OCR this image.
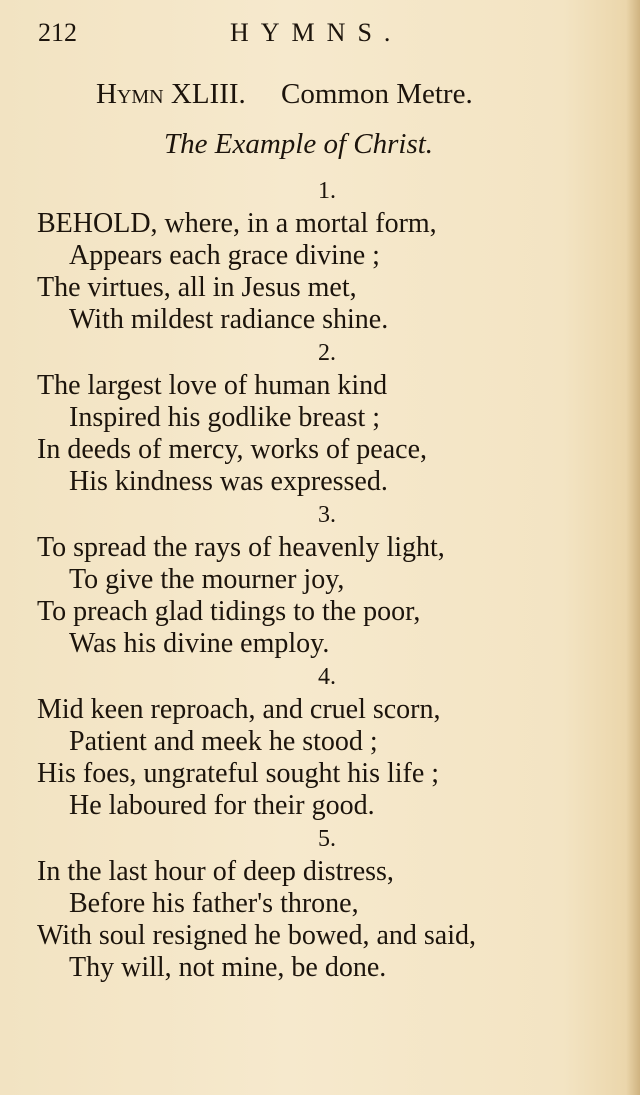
212	HYMNS.
Hymn XLIII. Common Metre.
The Example of Christ.
1.
BEHOLD, where, in a mortal form,
Appears each grace divine ;
The virtues, all in Jesus met,
With mildest radiance shine.
2.
The largest love of human kind
Inspired his godlike breast ;
In deeds of mercy, works of peace,
His kindness was expressed.
3.
To spread the rays of heavenly light,
To give the mourner joy,
To preach glad tidings to the poor,
Was his divine employ.
4.
Mid keen reproach, and cruel scorn,
Patient and meek he stood ;
His foes, ungrateful sought his life ;
He laboured for their good.
5.
In the last hour of deep distress,
Before his father's throne,
With soul resigned he bowed, and said,
Thy will, not mine, be done.
